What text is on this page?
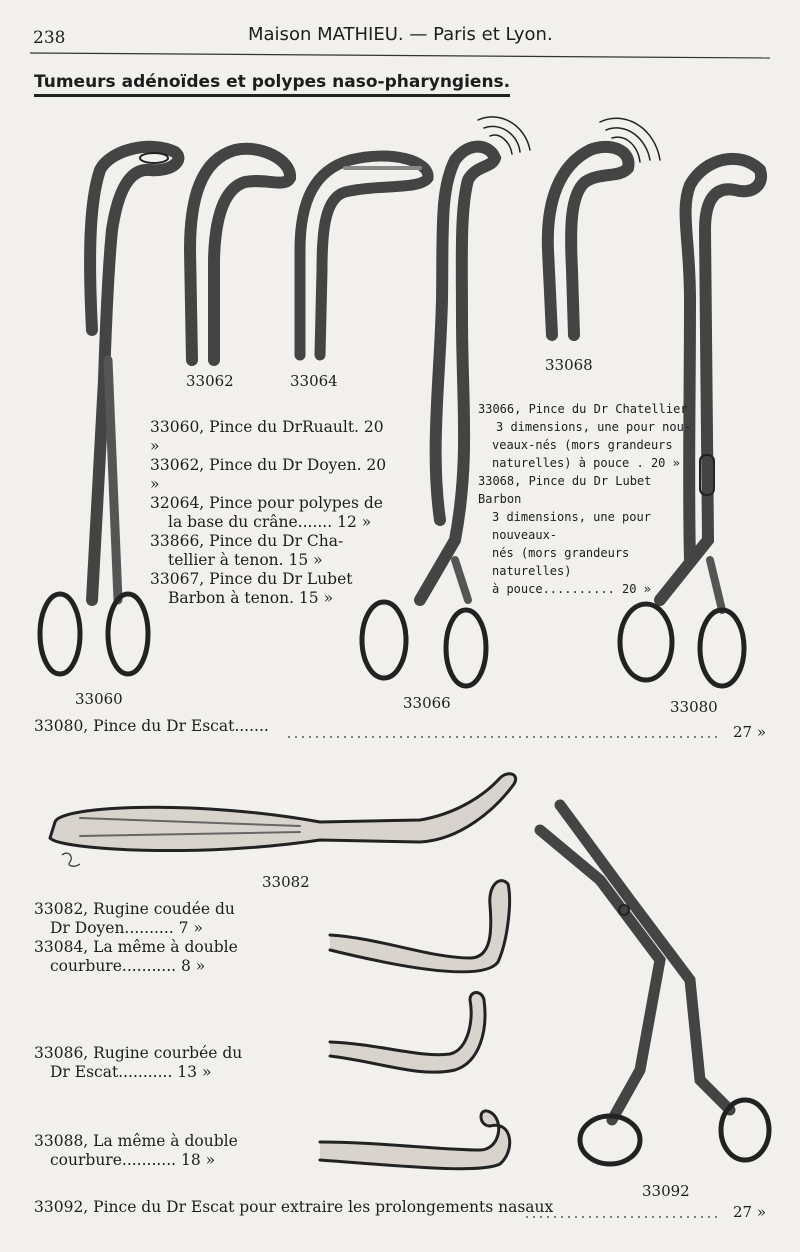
238	Maison MATHIEU. — Paris et Lyon.
Tumeurs adénoïdes et polypes naso-pharyngiens.
33062	33064
33068
33060	33066	33080
33060, Pince du DrRuault. 20 »
33062, Pince du Dr Doyen. 20 »
32064, Pince pour polypes de
la base du crâne....... 12 »
33866, Pince du Dr Cha-
tellier à tenon. 15 »
33067, Pince du Dr Lubet
Barbon à tenon. 15 »
33066, Pince du Dr Chatellier
3 dimensions, une pour nou-
veaux-nés (mors grandeurs
naturelles) à pouce . 20 »
33068, Pince du Dr Lubet Barbon
3 dimensions, une pour nouveaux-
nés (mors grandeurs naturelles)
à pouce.......... 20 »
33080, Pince du Dr Escat.......	27 »
33082
33092
33082, Rugine coudée du
Dr Doyen.......... 7 »
33084, La même à double
courbure........... 8 »
33086, Rugine courbée du
Dr Escat........... 13 »
33088, La même à double
courbure........... 18 »
33092, Pince du Dr Escat pour extraire les prolongements nasaux	27 »
